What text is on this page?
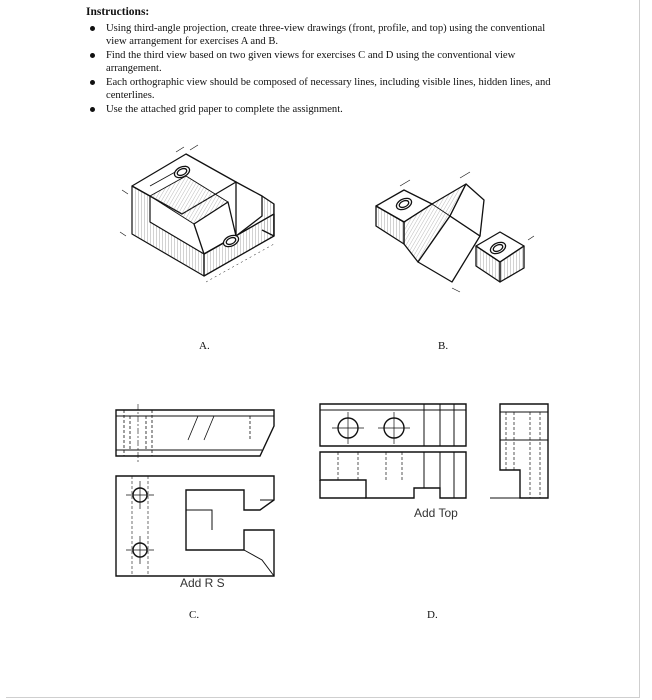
Instructions:
Using third-angle projection, create three-view drawings (front, profile, and top) using the conventional view arrangement for exercises A and B.
Find the third view based on two given views for exercises C and D using the conventional view arrangement.
Each orthographic view should be composed of necessary lines, including visible lines, hidden lines, and centerlines.
Use the attached grid paper to complete the assignment.
A.	B.
Add R S
Add Top
C.	D.
